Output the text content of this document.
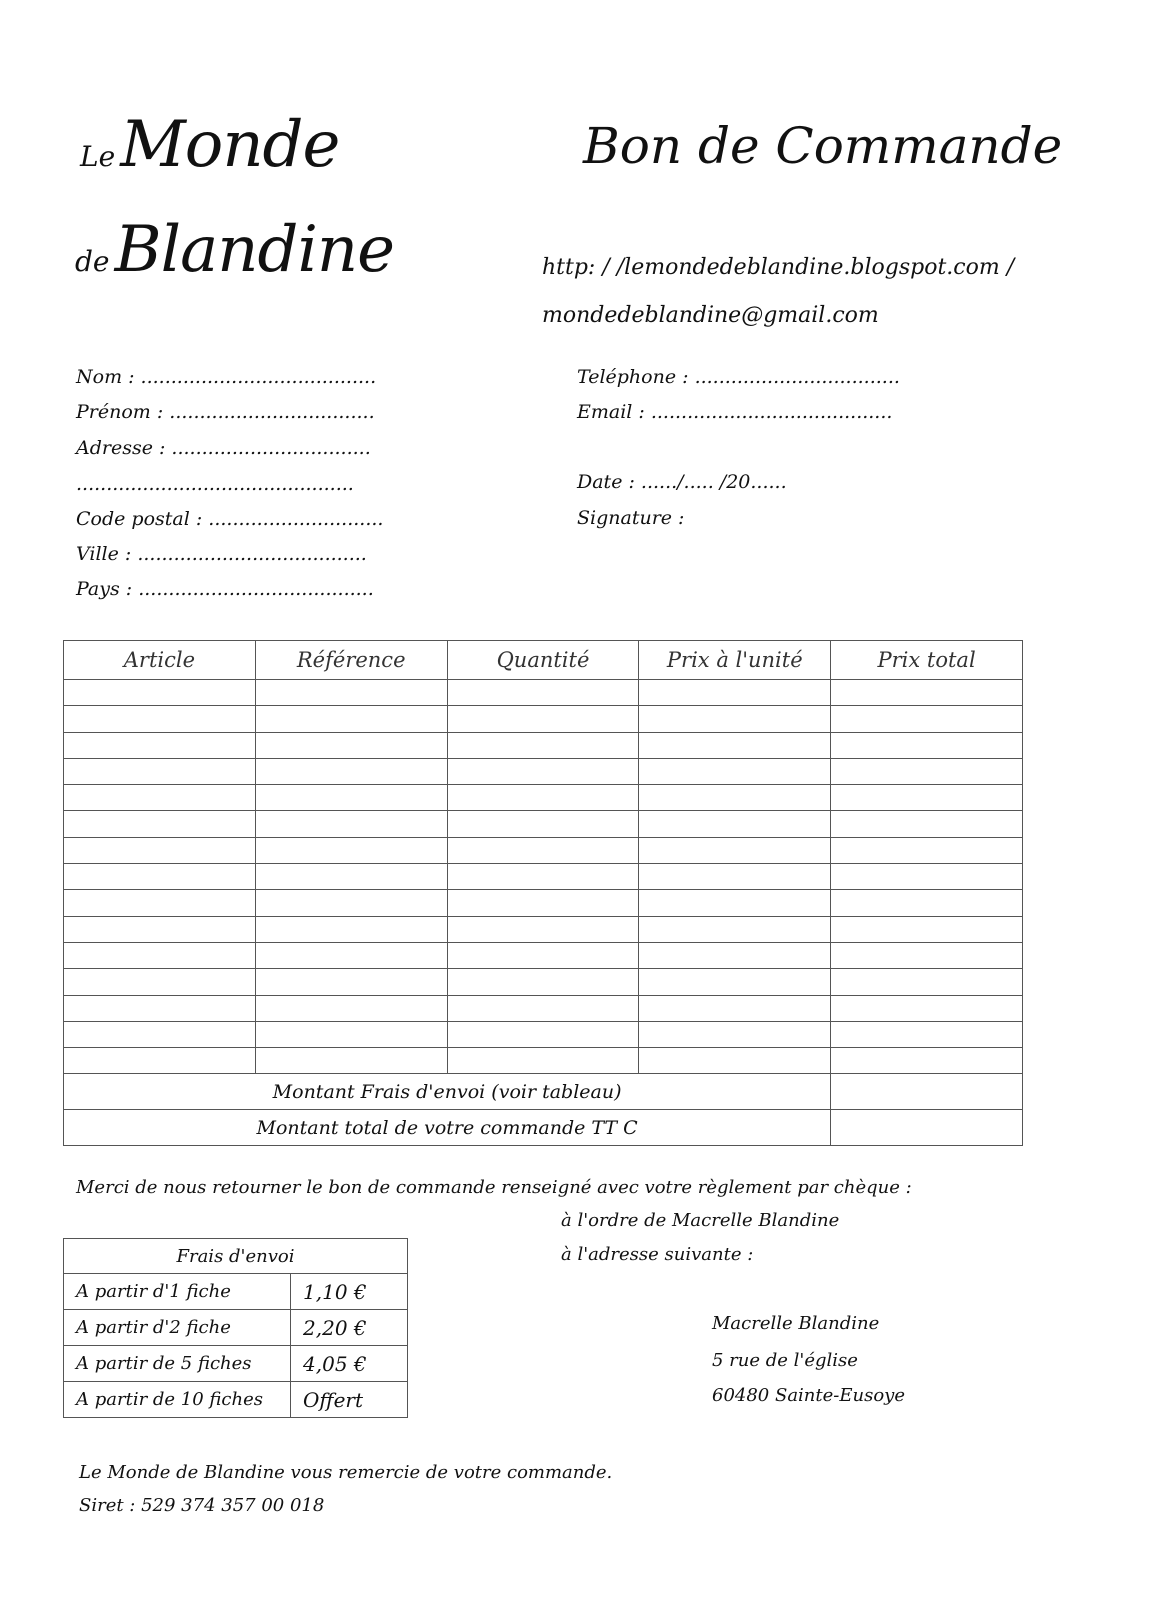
Le Monde
de Blandine
Bon de Commande
http: / /lemondedeblandine.blogspot.com /
mondedeblandine@gmail.com
Nom : .......................................
Prénom : ..................................
Adresse : .................................
..............................................
Code postal : .............................
Ville : ......................................
Pays : .......................................
Teléphone : ..................................
Email : ........................................
Date : ....../..... /20......
Signature :
Article	Référence	Quantité	Prix à l'unité	Prix total

Montant Frais d'envoi (voir tableau)				
Montant total de votre commande TT C				
Merci de nous retourner le bon de commande renseigné avec votre règlement par chèque :
à l'ordre de Macrelle Blandine
à l'adresse suivante :
Frais d'envoi	
A partir d'1 fiche	1,10 €
A partir d'2 fiche	2,20 €
A partir de 5 fiches	4,05 €
A partir de 10 fiches	Offert
Macrelle Blandine
5 rue de l'église
60480 Sainte-Eusoye
Le Monde de Blandine vous remercie de votre commande.
Siret : 529 374 357 00 018
